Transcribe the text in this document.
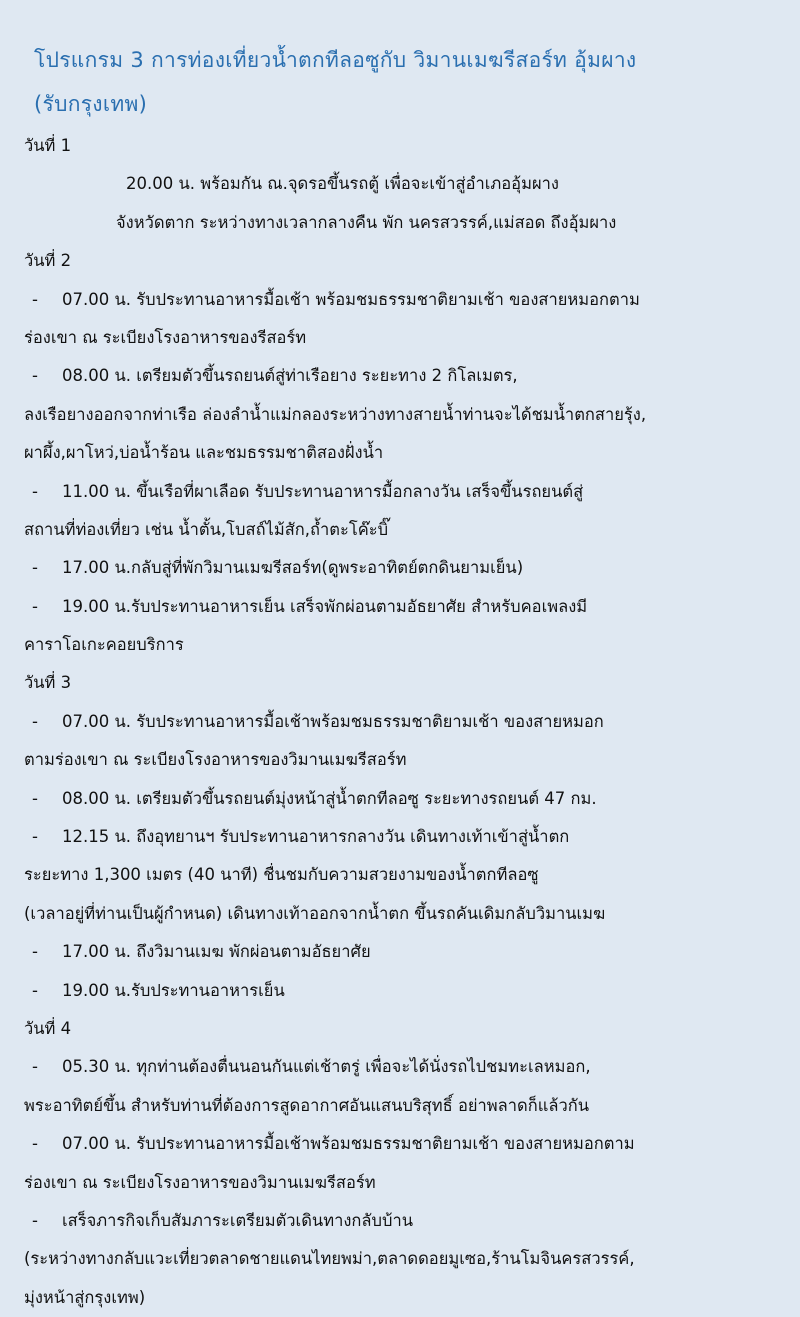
โปรแกรม 3 การท่องเที่ยวน้ำตกทีลอซูกับ วิมานเมฆรีสอร์ท อุ้มผาง
(รับกรุงเทพ)
วันที่ 1
20.00 น. พร้อมกัน ณ.จุดรอขึ้นรถตู้ เพื่อจะเข้าสู่อำเภออุ้มผาง
จังหวัดตาก ระหว่างทางเวลากลางคืน พัก นครสวรรค์,แม่สอด ถึงอุ้มผาง
วันที่ 2
- 07.00 น. รับประทานอาหารมื้อเช้า พร้อมชมธรรมชาติยามเช้า ของสายหมอกตาม
ร่องเขา ณ ระเบียงโรงอาหารของรีสอร์ท
- 08.00 น. เตรียมตัวขึ้นรถยนต์สู่ท่าเรือยาง ระยะทาง 2 กิโลเมตร,
ลงเรือยางออกจากท่าเรือ ล่องลำน้ำแม่กลองระหว่างทางสายน้ำท่านจะได้ชมน้ำตกสายรุ้ง,
ผาผึ้ง,ผาโหว่,บ่อน้ำร้อน และชมธรรมชาติสองฝั่งน้ำ
- 11.00 น. ขึ้นเรือที่ผาเลือด รับประทานอาหารมื้อกลางวัน เสร็จขึ้นรถยนต์สู่
สถานที่ท่องเที่ยว เช่น น้ำตั้น,โบสถ์ไม้สัก,ถ้ำตะโค๊ะบิ๊
- 17.00 น.กลับสู่ที่พักวิมานเมฆรีสอร์ท(ดูพระอาทิตย์ตกดินยามเย็น)
- 19.00 น.รับประทานอาหารเย็น เสร็จพักผ่อนตามอัธยาศัย สำหรับคอเพลงมี
คาราโอเกะคอยบริการ
วันที่ 3
- 07.00 น. รับประทานอาหารมื้อเช้าพร้อมชมธรรมชาติยามเช้า ของสายหมอก
ตามร่องเขา ณ ระเบียงโรงอาหารของวิมานเมฆรีสอร์ท
- 08.00 น. เตรียมตัวขึ้นรถยนต์มุ่งหน้าสู่น้ำตกทีลอซู ระยะทางรถยนต์ 47 กม.
- 12.15 น. ถึงอุทยานฯ รับประทานอาหารกลางวัน เดินทางเท้าเข้าสู่น้ำตก
ระยะทาง 1,300 เมตร (40 นาที) ชื่นชมกับความสวยงามของน้ำตกทีลอซู
(เวลาอยู่ที่ท่านเป็นผู้กำหนด) เดินทางเท้าออกจากน้ำตก ขึ้นรถคันเดิมกลับวิมานเมฆ
- 17.00 น. ถึงวิมานเมฆ พักผ่อนตามอัธยาศัย
- 19.00 น.รับประทานอาหารเย็น
วันที่ 4
- 05.30 น. ทุกท่านต้องตื่นนอนกันแต่เช้าตรู่ เพื่อจะได้นั่งรถไปชมทะเลหมอก,
พระอาทิตย์ขึ้น สำหรับท่านที่ต้องการสูดอากาศอันแสนบริสุทธิ์ อย่าพลาดก็แล้วกัน
- 07.00 น. รับประทานอาหารมื้อเช้าพร้อมชมธรรมชาติยามเช้า ของสายหมอกตาม
ร่องเขา ณ ระเบียงโรงอาหารของวิมานเมฆรีสอร์ท
- เสร็จภารกิจเก็บสัมภาระเตรียมตัวเดินทางกลับบ้าน
(ระหว่างทางกลับแวะเที่ยวตลาดชายแดนไทยพม่า,ตลาดดอยมูเซอ,ร้านโมจินครสวรรค์,
มุ่งหน้าสู่กรุงเทพ)
